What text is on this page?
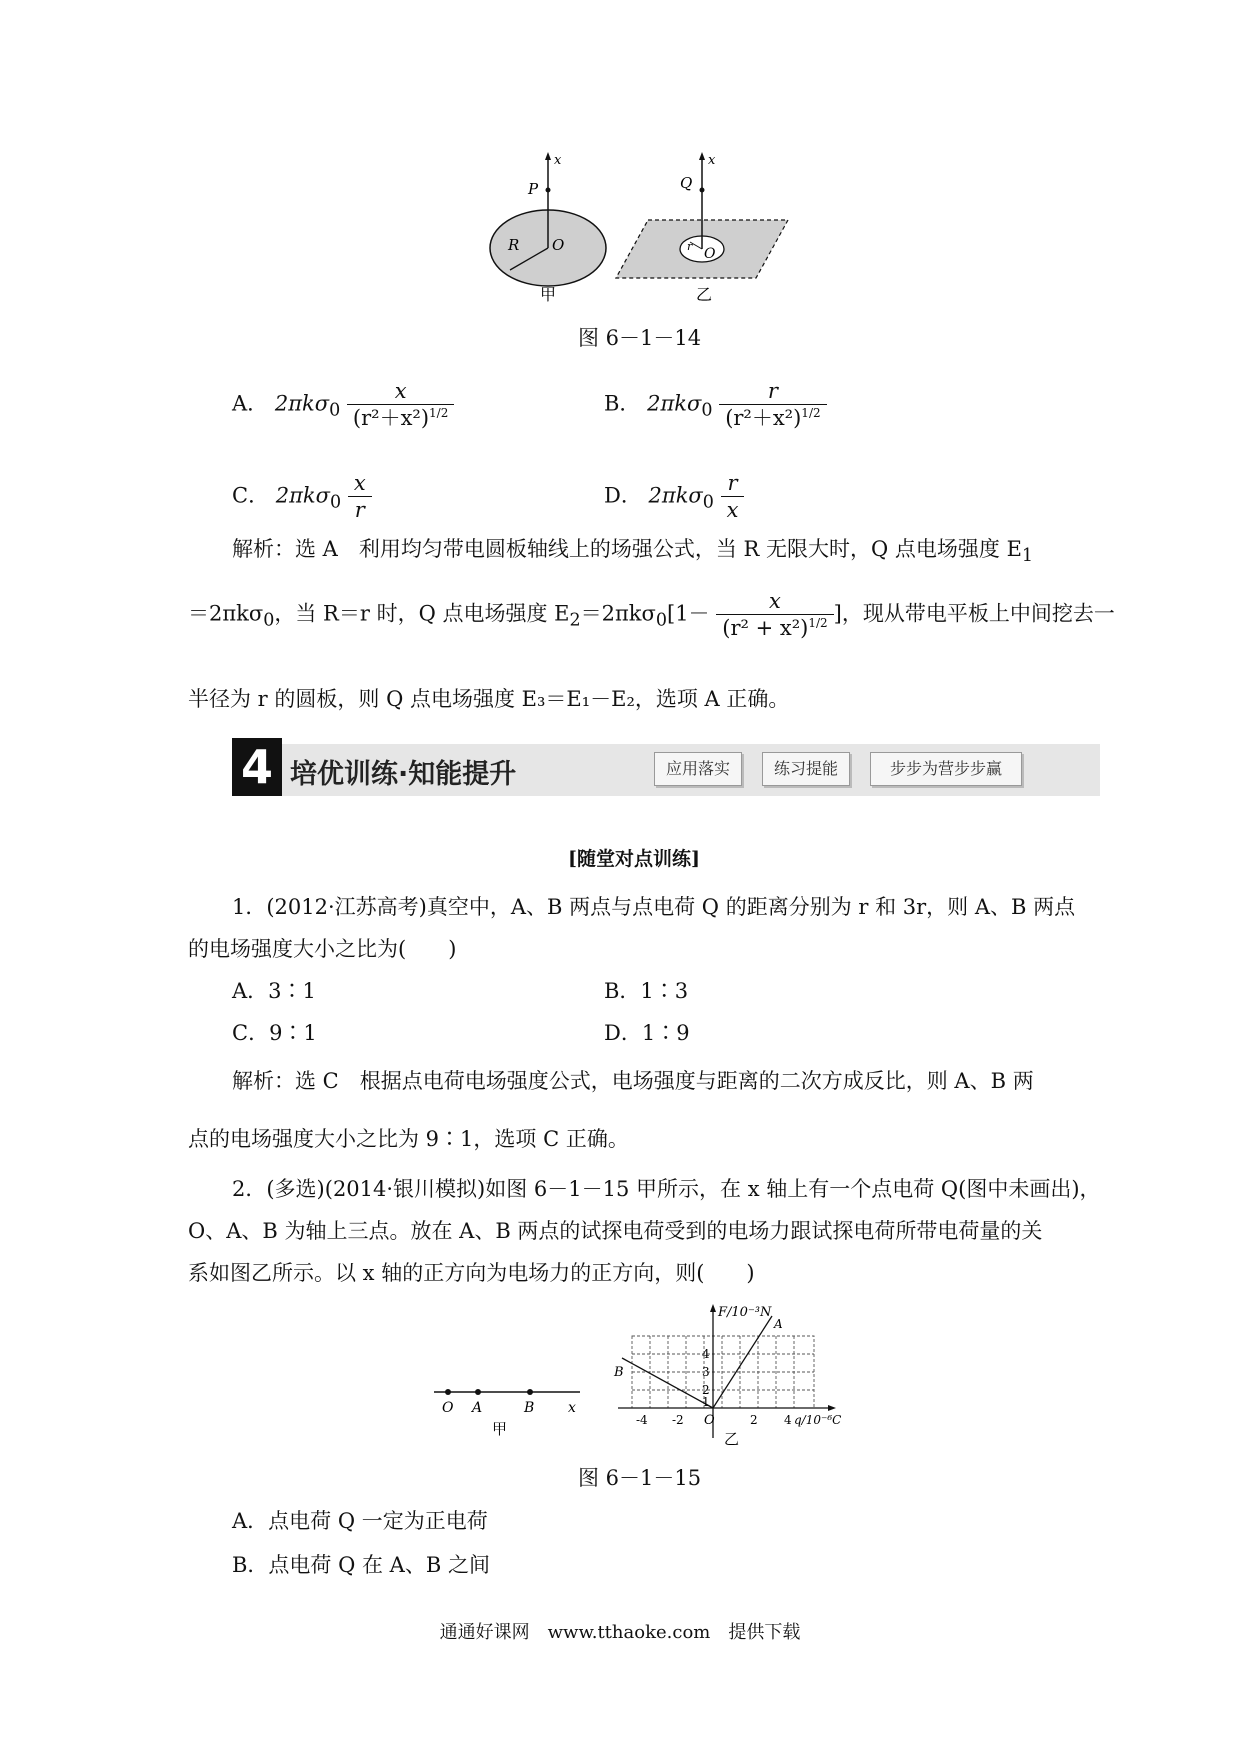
x
P
R O
x
Q
r O
甲	乙
图 6－1－14
A． $2\pi k\sigma_0 \frac{x}{(r^2+x^2)^{1/2}}$	B． $2\pi k\sigma_0 \frac{r}{(r^2+x^2)^{1/2}}$
C． $2\pi k\sigma_0 \frac{x}{r}$	D． $2\pi k\sigma_0 \frac{r}{x}$
解析：选 A　利用均匀带电圆板轴线上的场强公式，当 R 无限大时，Q 点电场强度 $E_1$
＝2πkσ$_0$，当 R＝r 时，Q 点电场强度 $E_2=2\pi k\sigma_0[1- \frac{x}{(r^2 + x^2)^{1/2}}$ ]，现从带电平板上中间挖去一
半径为 r 的圆板，则 Q 点电场强度 E₃＝E₁－E₂，选项 A 正确。
4 培优训练·知能提升	应用落实	练习提能	步步为营步步赢
[随堂对点训练]
1．(2012·江苏高考)真空中，A、B 两点与点电荷 Q 的距离分别为 r 和 3r，则 A、B 两点
的电场强度大小之比为(　　)
A．3∶1	B．1∶3
C．9∶1	D．1∶9
解析：选 C　根据点电荷电场强度公式，电场强度与距离的二次方成反比，则 A、B 两
点的电场强度大小之比为 9∶1，选项 C 正确。
2．(多选)(2014·银川模拟)如图 6－1－15 甲所示，在 x 轴上有一个点电荷 Q(图中未画出)，
O、A、B 为轴上三点。放在 A、B 两点的试探电荷受到的电场力跟试探电荷所带电荷量的关
系如图乙所示。以 x 轴的正方向为电场力的正方向，则(　　)
O A	B x
甲
F/10⁻³N
A
B
4
3
2
1
-4 -2 O	2 4 q/10⁻⁶C
乙
图 6－1－15
A．点电荷 Q 一定为正电荷
B．点电荷 Q 在 A、B 之间
通通好课网　www.tthaoke.com　提供下载
